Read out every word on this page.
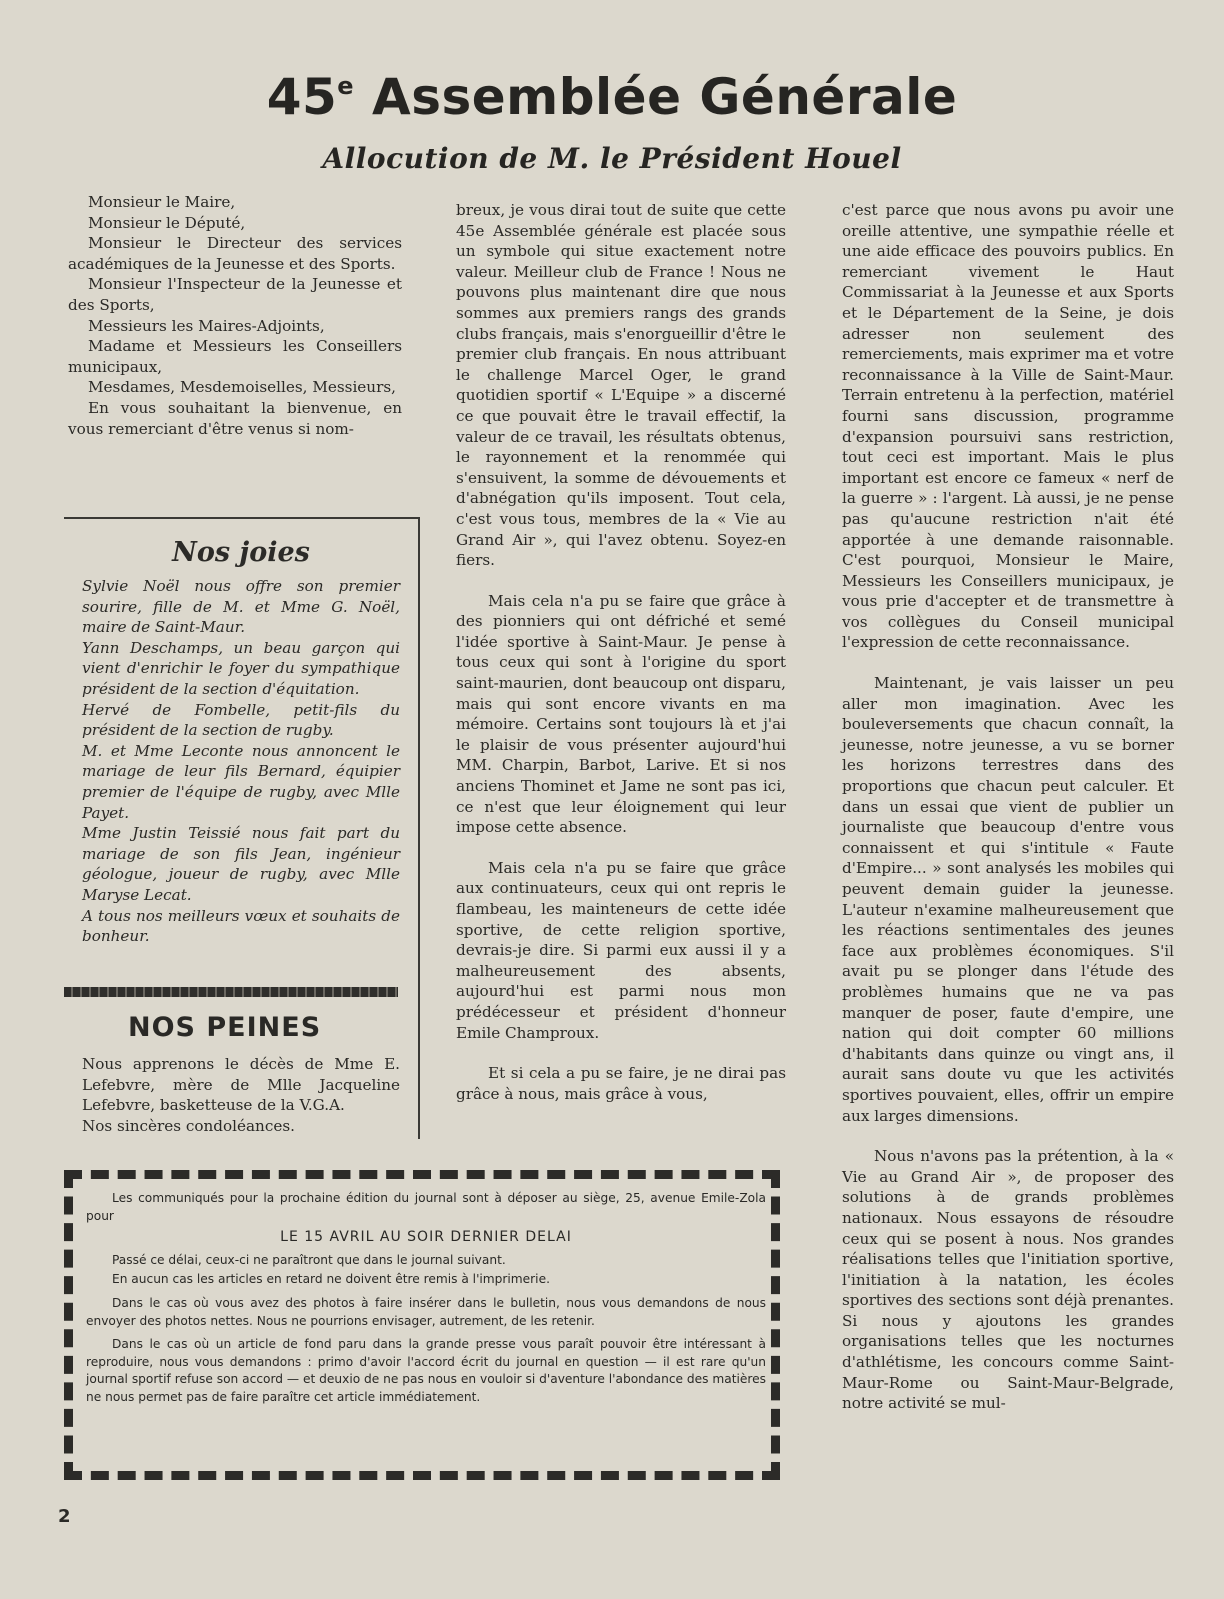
45e Assemblée Générale
Allocution de M. le Président Houel

Monsieur le Maire,

Monsieur le Député,

Monsieur le Directeur des services académiques de la Jeunesse et des Sports.

Monsieur l'Inspecteur de la Jeunesse et des Sports,

Messieurs les Maires-Adjoints,

Madame et Messieurs les Conseillers municipaux,

Mesdames, Mesdemoiselles, Messieurs,

En vous souhaitant la bienvenue, en vous remerciant d'être venus si nom-

Nos joies

Sylvie Noël nous offre son premier sourire, fille de M. et Mme G. Noël, maire de Saint-Maur.

Yann Deschamps, un beau garçon qui vient d'enrichir le foyer du sympathique président de la section d'équitation.

Hervé de Fombelle, petit-fils du président de la section de rugby.

M. et Mme Leconte nous annoncent le mariage de leur fils Bernard, équipier premier de l'équipe de rugby, avec Mlle Payet.

Mme Justin Teissié nous fait part du mariage de son fils Jean, ingénieur géologue, joueur de rugby, avec Mlle Maryse Lecat.

A tous nos meilleurs vœux et souhaits de bonheur.

NOS PEINES

Nous apprenons le décès de Mme E. Lefebvre, mère de Mlle Jacqueline Lefebvre, basketteuse de la V.G.A.

Nos sincères condoléances.

breux, je vous dirai tout de suite que cette 45e Assemblée générale est placée sous un symbole qui situe exactement notre valeur. Meilleur club de France ! Nous ne pouvons plus maintenant dire que nous sommes aux premiers rangs des grands clubs français, mais s'enorgueillir d'être le premier club français. En nous attribuant le challenge Marcel Oger, le grand quotidien sportif « L'Equipe » a discerné ce que pouvait être le travail effectif, la valeur de ce travail, les résultats obtenus, le rayonnement et la renommée qui s'ensuivent, la somme de dévouements et d'abnégation qu'ils imposent. Tout cela, c'est vous tous, membres de la « Vie au Grand Air », qui l'avez obtenu. Soyez-en fiers.

Mais cela n'a pu se faire que grâce à des pionniers qui ont défriché et semé l'idée sportive à Saint-Maur. Je pense à tous ceux qui sont à l'origine du sport saint-maurien, dont beaucoup ont disparu, mais qui sont encore vivants en ma mémoire. Certains sont toujours là et j'ai le plaisir de vous présenter aujourd'hui MM. Charpin, Barbot, Larive. Et si nos anciens Thominet et Jame ne sont pas ici, ce n'est que leur éloignement qui leur impose cette absence.

Mais cela n'a pu se faire que grâce aux continuateurs, ceux qui ont repris le flambeau, les mainteneurs de cette idée sportive, de cette religion sportive, devrais-je dire. Si parmi eux aussi il y a malheureusement des absents, aujourd'hui est parmi nous mon prédécesseur et président d'honneur Emile Champroux.

Et si cela a pu se faire, je ne dirai pas grâce à nous, mais grâce à vous,

c'est parce que nous avons pu avoir une oreille attentive, une sympathie réelle et une aide efficace des pouvoirs publics. En remerciant vivement le Haut Commissariat à la Jeunesse et aux Sports et le Département de la Seine, je dois adresser non seulement des remerciements, mais exprimer ma et votre reconnaissance à la Ville de Saint-Maur. Terrain entretenu à la perfection, matériel fourni sans discussion, programme d'expansion poursuivi sans restriction, tout ceci est important. Mais le plus important est encore ce fameux « nerf de la guerre » : l'argent. Là aussi, je ne pense pas qu'aucune restriction n'ait été apportée à une demande raisonnable. C'est pourquoi, Monsieur le Maire, Messieurs les Conseillers municipaux, je vous prie d'accepter et de transmettre à vos collègues du Conseil municipal l'expression de cette reconnaissance.

Maintenant, je vais laisser un peu aller mon imagination. Avec les bouleversements que chacun connaît, la jeunesse, notre jeunesse, a vu se borner les horizons terrestres dans des proportions que chacun peut calculer. Et dans un essai que vient de publier un journaliste que beaucoup d'entre vous connaissent et qui s'intitule « Faute d'Empire... » sont analysés les mobiles qui peuvent demain guider la jeunesse. L'auteur n'examine malheureusement que les réactions sentimentales des jeunes face aux problèmes économiques. S'il avait pu se plonger dans l'étude des problèmes humains que ne va pas manquer de poser, faute d'empire, une nation qui doit compter 60 millions d'habitants dans quinze ou vingt ans, il aurait sans doute vu que les activités sportives pouvaient, elles, offrir un empire aux larges dimensions.

Nous n'avons pas la prétention, à la « Vie au Grand Air », de proposer des solutions à de grands problèmes nationaux. Nous essayons de résoudre ceux qui se posent à nous. Nos grandes réalisations telles que l'initiation sportive, l'initiation à la natation, les écoles sportives des sections sont déjà prenantes. Si nous y ajoutons les grandes organisations telles que les nocturnes d'athlétisme, les concours comme Saint-Maur-Rome ou Saint-Maur-Belgrade, notre activité se mul-

Les communiqués pour la prochaine édition du journal sont à déposer au siège, 25, avenue Emile-Zola pour

LE 15 AVRIL AU SOIR DERNIER DELAI

Passé ce délai, ceux-ci ne paraîtront que dans le journal suivant.

En aucun cas les articles en retard ne doivent être remis à l'imprimerie.

Dans le cas où vous avez des photos à faire insérer dans le bulletin, nous vous demandons de nous envoyer des photos nettes. Nous ne pourrions envisager, autrement, de les retenir.

Dans le cas où un article de fond paru dans la grande presse vous paraît pouvoir être intéressant à reproduire, nous vous demandons : primo d'avoir l'accord écrit du journal en question — il est rare qu'un journal sportif refuse son accord — et deuxio de ne pas nous en vouloir si d'aventure l'abondance des matières ne nous permet pas de faire paraître cet article immédiatement.

2
